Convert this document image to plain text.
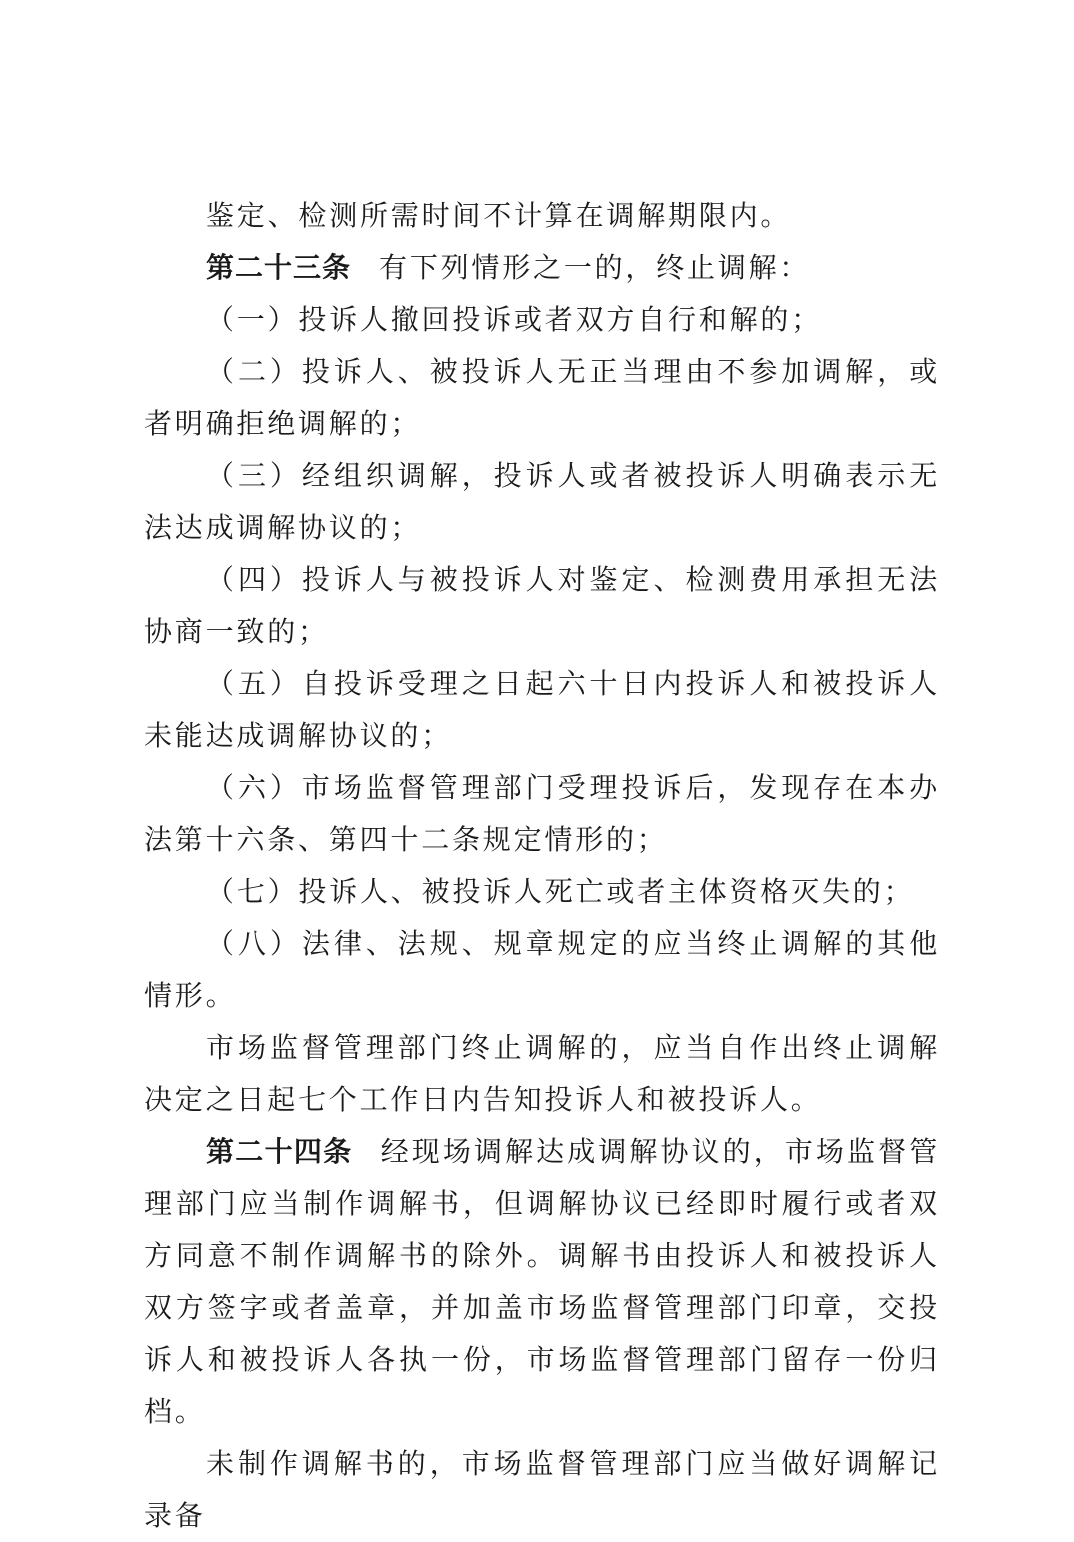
鉴定、检测所需时间不计算在调解期限内。

第二十三条 有下列情形之一的，终止调解：

（一）投诉人撤回投诉或者双方自行和解的；

（二）投诉人、被投诉人无正当理由不参加调解，或者明确拒绝调解的；

（三）经组织调解，投诉人或者被投诉人明确表示无法达成调解协议的；

（四）投诉人与被投诉人对鉴定、检测费用承担无法协商一致的；

（五）自投诉受理之日起六十日内投诉人和被投诉人未能达成调解协议的；

（六）市场监督管理部门受理投诉后，发现存在本办法第十六条、第四十二条规定情形的；

（七）投诉人、被投诉人死亡或者主体资格灭失的；

（八）法律、法规、规章规定的应当终止调解的其他情形。

市场监督管理部门终止调解的，应当自作出终止调解决定之日起七个工作日内告知投诉人和被投诉人。

第二十四条 经现场调解达成调解协议的，市场监督管理部门应当制作调解书，但调解协议已经即时履行或者双方同意不制作调解书的除外。调解书由投诉人和被投诉人双方签字或者盖章，并加盖市场监督管理部门印章，交投诉人和被投诉人各执一份，市场监督管理部门留存一份归档。

未制作调解书的，市场监督管理部门应当做好调解记录备
